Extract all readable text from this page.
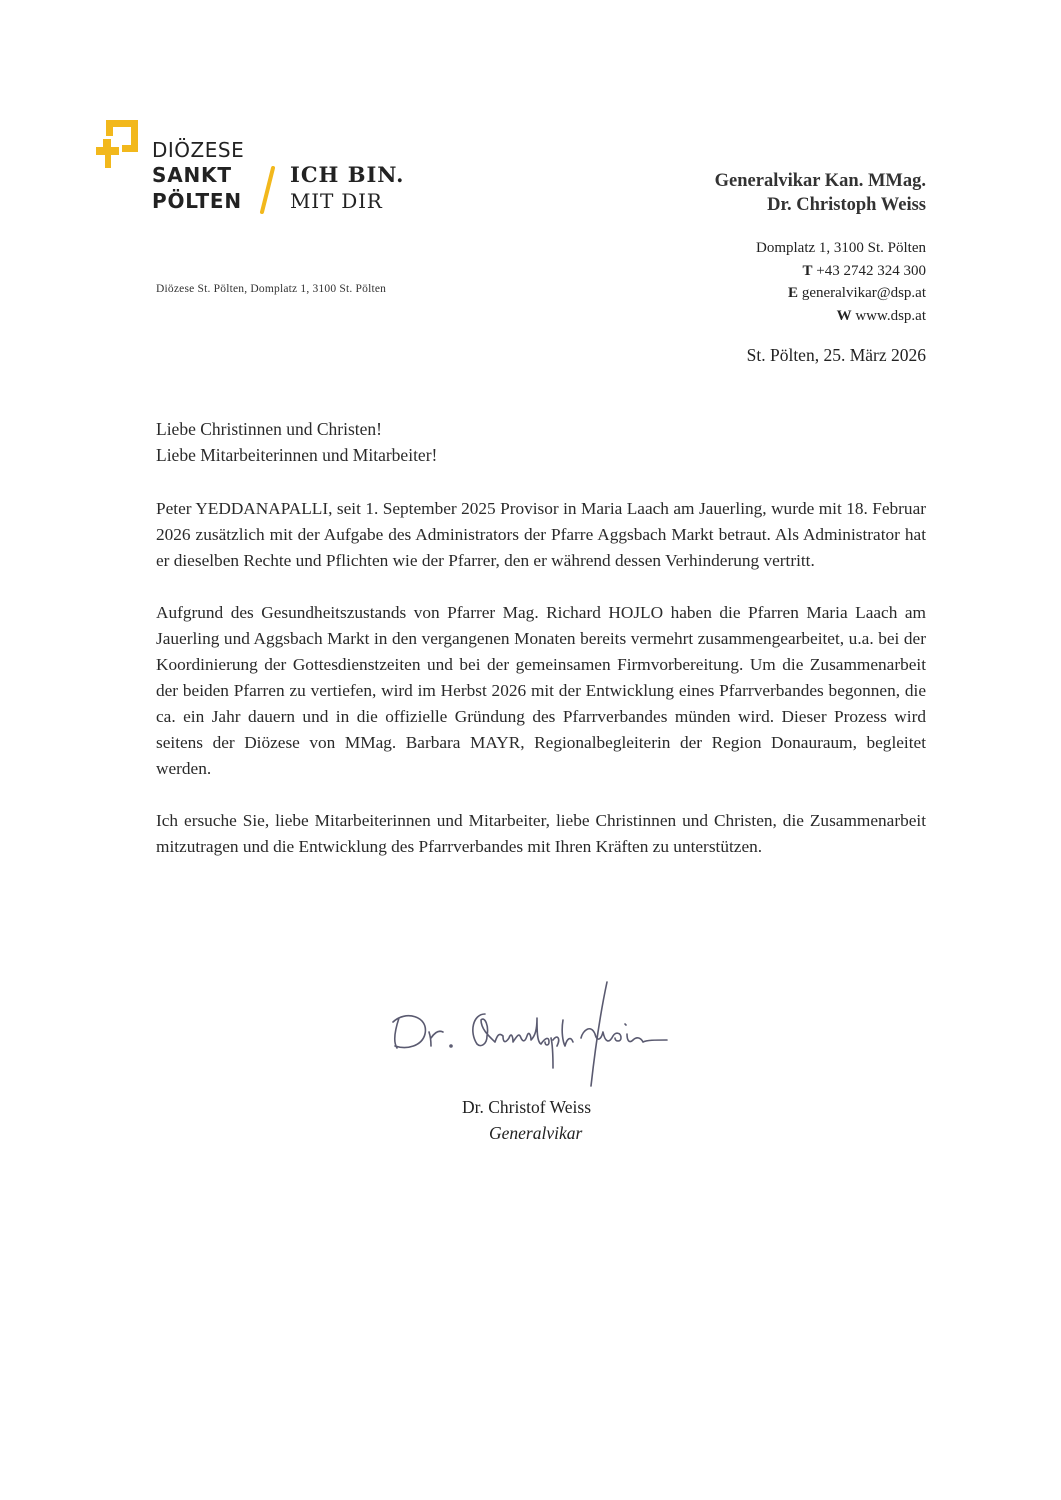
DIÖZESE
SANKT
PÖLTEN
ICH BIN.
MIT DIR
Generalvikar Kan. MMag.
Dr. Christoph Weiss
Domplatz 1, 3100 St. Pölten
T +43 2742 324 300
E generalvikar@dsp.at
W www.dsp.at
Diözese St. Pölten, Domplatz 1, 3100 St. Pölten
St. Pölten, 25. März 2026
Liebe Christinnen und Christen!
Liebe Mitarbeiterinnen und Mitarbeiter!

Peter YEDDANAPALLI, seit 1. September 2025 Provisor in Maria Laach am Jauerling, wurde mit 18. Februar 2026 zusätzlich mit der Aufgabe des Administrators der Pfarre Aggsbach Markt betraut. Als Administrator hat er dieselben Rechte und Pflichten wie der Pfarrer, den er während dessen Verhinderung vertritt.

Aufgrund des Gesundheitszustands von Pfarrer Mag. Richard HOJLO haben die Pfarren Maria Laach am Jauerling und Aggsbach Markt in den vergangenen Monaten bereits vermehrt zusammengearbeitet, u.a. bei der Koordinierung der Gottesdienstzeiten und bei der gemeinsamen Firmvorbereitung. Um die Zusammenarbeit der beiden Pfarren zu vertiefen, wird im Herbst 2026 mit der Entwicklung eines Pfarrverbandes begonnen, die ca. ein Jahr dauern und in die offizielle Gründung des Pfarrverbandes münden wird. Dieser Prozess wird seitens der Diözese von MMag. Barbara MAYR, Regionalbegleiterin der Region Donauraum, begleitet werden.

Ich ersuche Sie, liebe Mitarbeiterinnen und Mitarbeiter, liebe Christinnen und Christen, die Zusammenarbeit mitzutragen und die Entwicklung des Pfarrverbandes mit Ihren Kräften zu unterstützen.

Dr. Christof Weiss
Generalvikar
